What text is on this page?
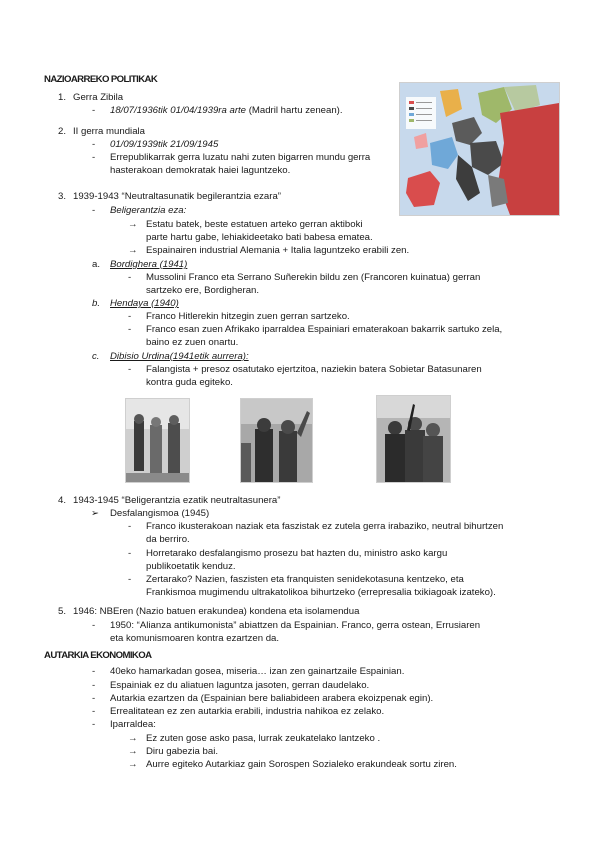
NAZIOARREKO POLITIKAK
1. Gerra Zibila
- 18/07/1936tik 01/04/1939ra arte (Madril hartu zenean).
2. II gerra mundiala
- 01/09/1939tik 21/09/1945
- Errepublikarrak gerra luzatu nahi zuten bigarren mundu gerra
hasterakoan demokratak haiei laguntzeko.
3. 1939-1943 “Neutraltasunatik begilerantzia ezara”
- Beligerantzia eza:
→ Estatu batek, beste estatuen arteko gerran aktiboki
parte hartu gabe, lehiakideetako bati babesa ematea.
→ Espainairen industrial Alemania + Italia laguntzeko erabili zen.
a. Bordighera (1941)
- Mussolini Franco eta Serrano Suñerekin bildu zen (Francoren kuinatua) gerran
sartzeko ere, Bordigheran.
b. Hendaya (1940)
- Franco Hitlerekin hitzegin zuen gerran sartzeko.
- Franco esan zuen Afrikako iparraldea Espainiari ematerakoan bakarrik sartuko zela,
baino ez zuen onartu.
c. Dibisio Urdina(1941etik aurrera):
- Falangista + presoz osatutako ejertzitoa, naziekin batera Sobietar Batasunaren
kontra guda egiteko.
4. 1943-1945 “Beligerantzia ezatik neutraltasunera”
➢ Desfalangismoa (1945)
- Franco ikusterakoan naziak eta faszistak ez zutela gerra irabaziko, neutral bihurtzen
da berriro.
- Horretarako desfalangismo prosezu bat hazten du, ministro asko kargu
publikoetatik kenduz.
- Zertarako? Nazien, faszisten eta franquisten senidekotasuna kentzeko, eta
Frankismoa mugimendu ultrakatolikoa bihurtzeko (errepresalia txikiagoak izateko).
5. 1946: NBEren (Nazio batuen erakundea) kondena eta isolamendua
- 1950: “Alianza antikumonista” abiattzen da Espainian. Franco, gerra ostean, Errusiaren
eta komunismoaren kontra ezartzen da.
AUTARKIA EKONOMIKOA
- 40eko hamarkadan gosea, miseria… izan zen gainartzaile Espainian.
- Espainiak ez du aliatuen laguntza jasoten, gerran daudelako.
- Autarkia ezartzen da (Espainian bere baliabideen arabera ekoizpenak egin).
- Errealitatean ez zen autarkia erabili, industria nahikoa ez zelako.
- Iparraldea:
→ Ez zuten gose asko pasa, lurrak zeukatelako lantzeko .
→ Diru gabezia bai.
→ Aurre egiteko Autarkiaz gain Sorospen Sozialeko erakundeak sortu ziren.
